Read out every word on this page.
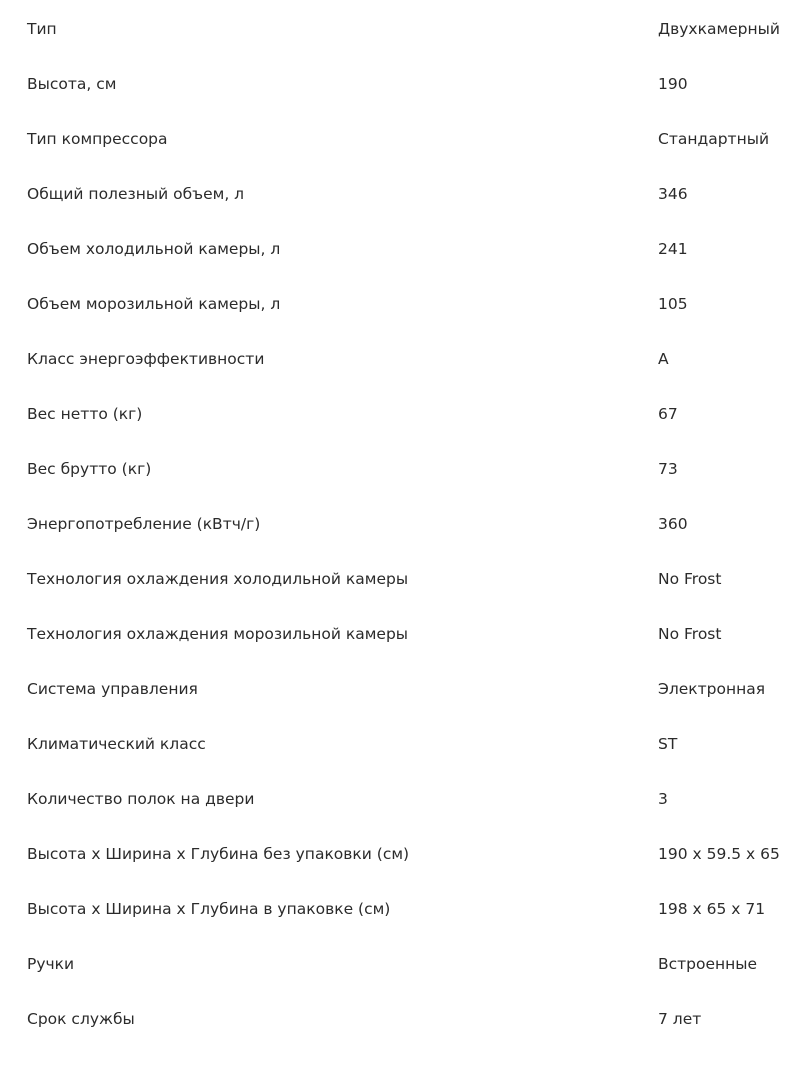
Тип	Двухкамерный
Высота, см	190
Тип компрессора	Стандартный
Общий полезный объем, л	346
Объем холодильной камеры, л	241
Объем морозильной камеры, л	105
Класс энергоэффективности	A
Вес нетто (кг)	67
Вес брутто (кг)	73
Энергопотребление (кВтч/г)	360
Технология охлаждения холодильной камеры	No Frost
Технология охлаждения морозильной камеры	No Frost
Система управления	Электронная
Климатический класс	ST
Количество полок на двери	3
Высота x Ширина x Глубина без упаковки (см)	190 x 59.5 x 65
Высота x Ширина x Глубина в упаковке (см)	198 x 65 x 71
Ручки	Встроенные
Срок службы	7 лет
